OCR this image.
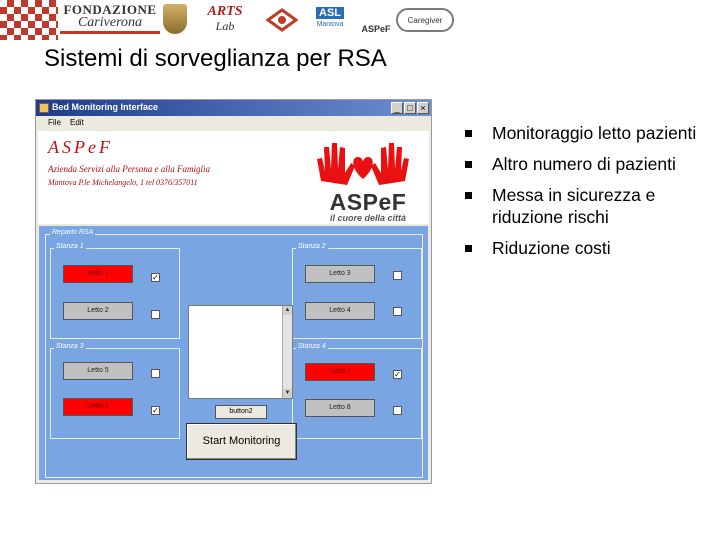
FONDAZIONE
Cariverona
ARTS
Lab
ASL
Mantova	ASPeF
Caregiver
Sistemi di sorveglianza per RSA
Bed Monitoring Interface	_ □ ×
File Edit
ASPeF
Azienda Servizi alla Persona e alla Famiglia
Mantova P.le Michelangelo, 1 tel 0376/357011
ASPeF
il cuore della città
Reparto RSA
Stanza 1
Letto 1	✓
Letto 2
Stanza 2
Letto 3
Letto 4
Stanza 3
Letto 5
Letto 6	✓
Stanza 4
Letto 7	✓
Letto 8
▲
▼
button2
Start Monitoring
Monitoraggio letto pazienti
Altro numero di pazienti
Messa in sicurezza e riduzione rischi
Riduzione costi
